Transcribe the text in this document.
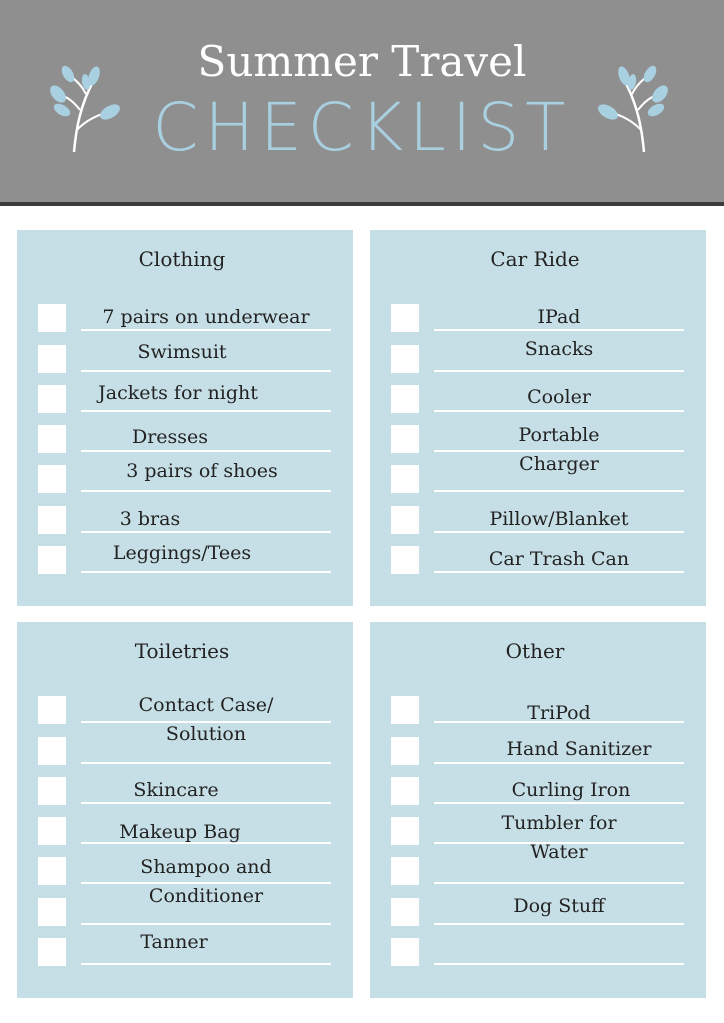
Summer Travel
CHECKLIST
Clothing
7 pairs on underwear
Swimsuit
Jackets for night
Dresses
3 pairs of shoes
3 bras
Leggings/Tees
Car Ride
IPad
Snacks
Cooler
Portable
Charger
Pillow/Blanket
Car Trash Can
Toiletries
Contact Case/
Solution
Skincare
Makeup Bag
Shampoo and
Conditioner
Tanner
Other
TriPod
Hand Sanitizer
Curling Iron
Tumbler for
Water
Dog Stuff
